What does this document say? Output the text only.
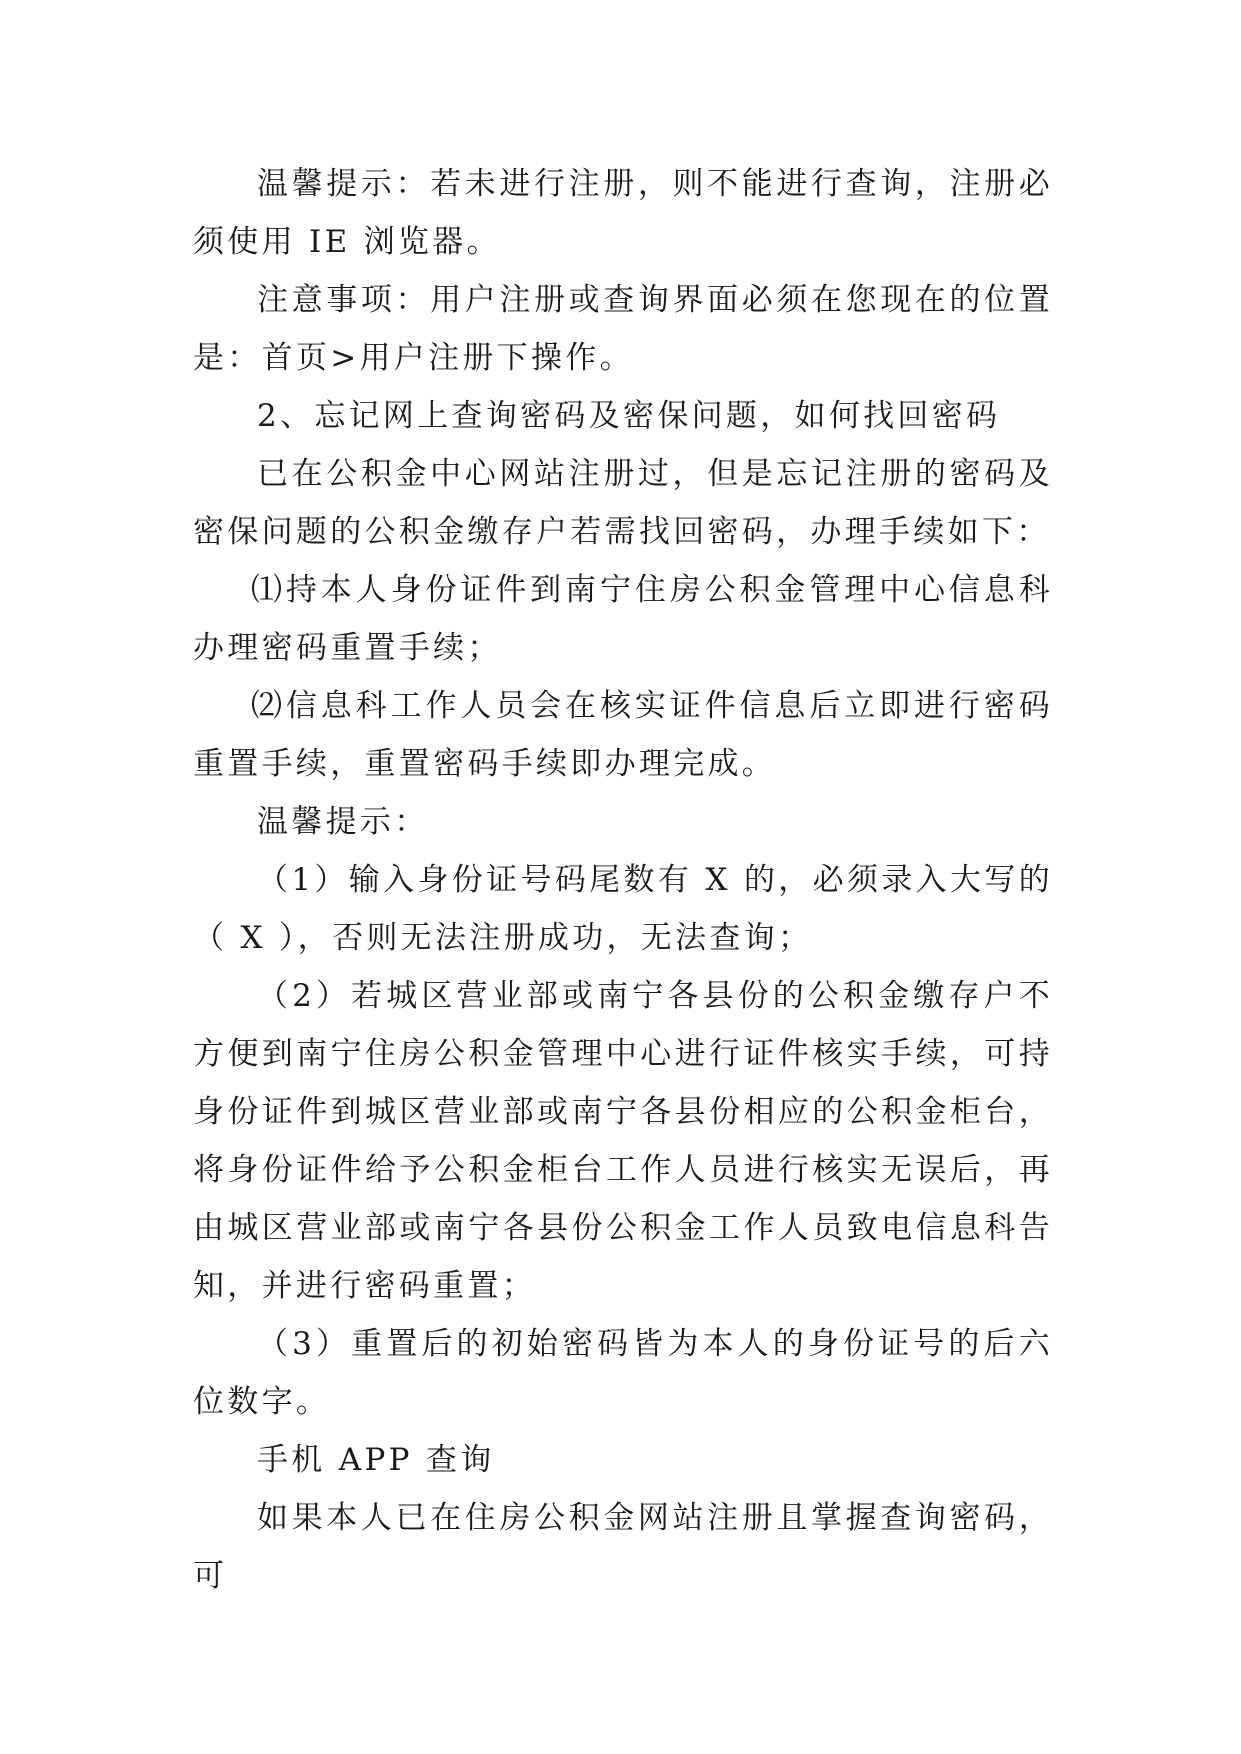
温馨提示：若未进行注册，则不能进行查询，注册必须使用 IE 浏览器。

注意事项：用户注册或查询界面必须在您现在的位置是：首页>用户注册下操作。

2、忘记网上查询密码及密保问题，如何找回密码

已在公积金中心网站注册过，但是忘记注册的密码及密保问题的公积金缴存户若需找回密码，办理手续如下：

⑴持本人身份证件到南宁住房公积金管理中心信息科办理密码重置手续；

⑵信息科工作人员会在核实证件信息后立即进行密码重置手续，重置密码手续即办理完成。

温馨提示：

（1）输入身份证号码尾数有 X 的，必须录入大写的（ X ），否则无法注册成功，无法查询；

（2）若城区营业部或南宁各县份的公积金缴存户不方便到南宁住房公积金管理中心进行证件核实手续，可持身份证件到城区营业部或南宁各县份相应的公积金柜台，将身份证件给予公积金柜台工作人员进行核实无误后，再由城区营业部或南宁各县份公积金工作人员致电信息科告知，并进行密码重置；

（3）重置后的初始密码皆为本人的身份证号的后六位数字。

手机 APP 查询

如果本人已在住房公积金网站注册且掌握查询密码，可
